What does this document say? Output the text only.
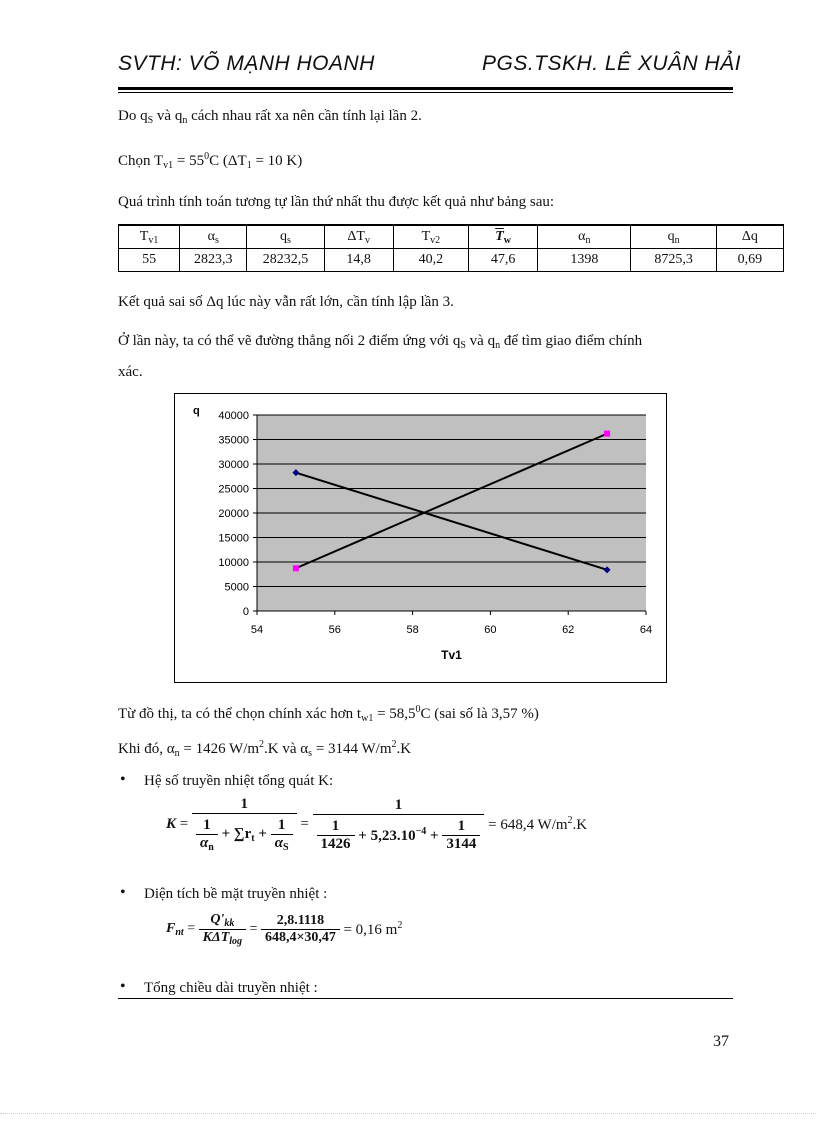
SVTH: VÕ MẠNH HOANH	PGS.TSKH. LÊ XUÂN HẢI
Do $q_S$ và $q_n$ cách nhau rất xa nên cần tính lại lần 2.
Chọn $T_{v1} = 55^0C$ ($\Delta T_1 = 10$ K)
Quá trình tính toán tương tự lần thứ nhất thu được kết quả như bảng sau:
$T_{v1}$	$\alpha_s$	$q_s$	$\Delta T_v$	$T_{v2}$	$\overline{T}_w$	$\alpha_n$	$q_n$	Δq
55	2823,3	28232,5	14,8	40,2	47,6	1398	8725,3	0,69
Kết quả sai số Δq lúc này vẫn rất lớn, cần tính lập lần 3.
Ở lần này, ta có thể vẽ đường thẳng nối 2 điểm ứng với $q_S$ và $q_n$ để tìm giao điểm chính
xác.
0
5000
10000
15000
20000
25000
30000
35000
40000
54	56	58	60	62	64
q
Tv1
Từ đồ thị, ta có thể chọn chính xác hơn $t_{w1} = 58,5^0C$ (sai số là 3,57 %)
Khi đó, $\alpha_n = 1426$ $W/m^2.K$ và $\alpha_s = 3144$ $W/m^2.K$
• Hệ số truyền nhiệt tổng quát K:
$K = \frac{1}{\frac{1}{\alpha_n} + \sum r_t + \frac{1}{\alpha_S}} = \frac{1}{\frac{1}{1426} + 5,23.10^{-4} + \frac{1}{3144}} = 648,4$ $W/m^2.K$
• Diện tích bề mặt truyền nhiệt :
$F_{nt} = \frac{Q'_{kk}}{K\Delta T_{log}} = \frac{2,8.1118}{648,4\times 30,47} = 0,16$ $m^2$
• Tổng chiều dài truyền nhiệt :
37
